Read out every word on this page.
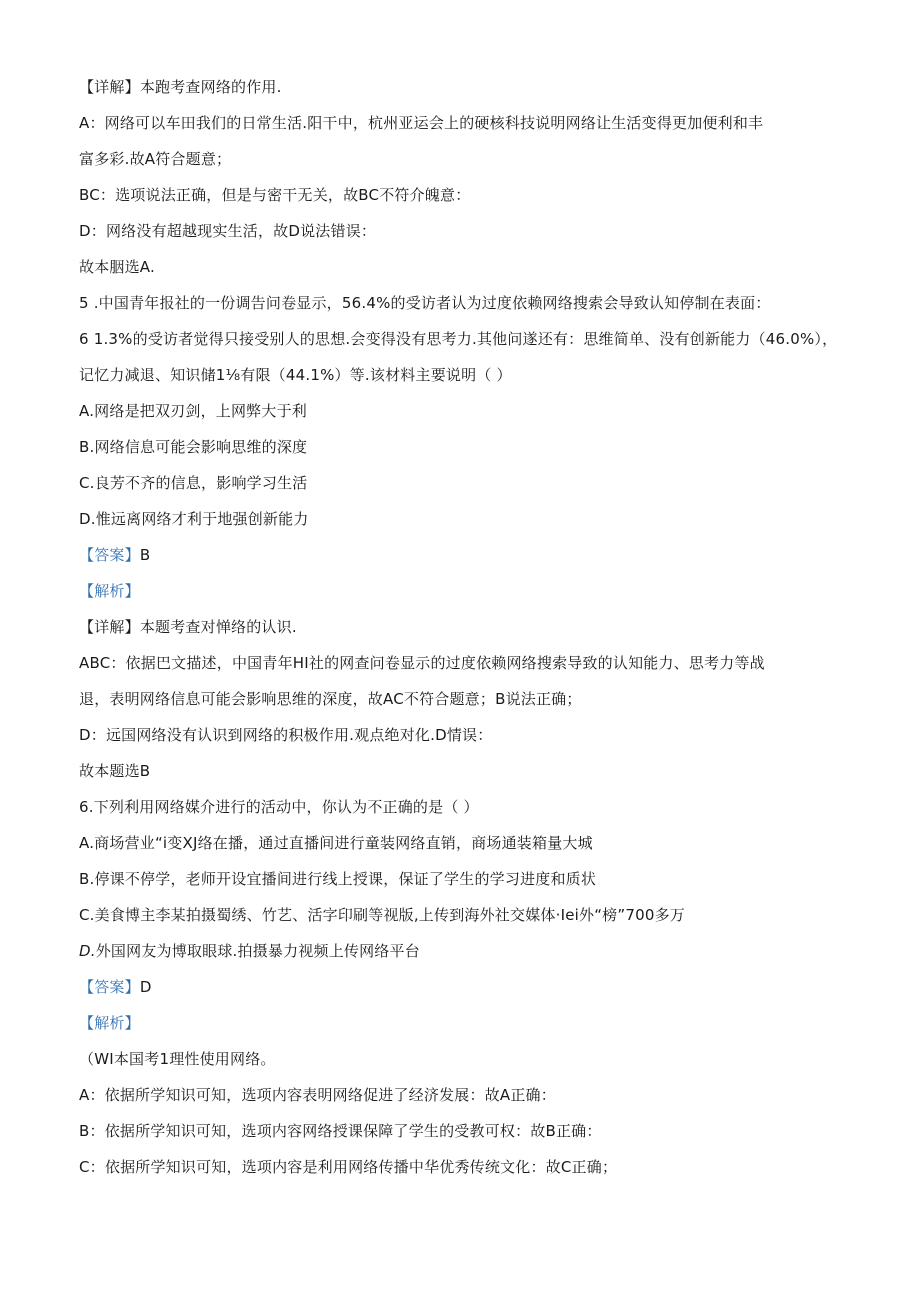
【详解】本跑考查网络的作用.
A：网络可以车田我们的日常生活.阳干中，杭州亚运会上的硬核科技说明网络让生活变得更加便利和丰
富多彩.故A符合题意；
BC：选项说法正确，但是与密干无关，故BC不符介魄意：
D：网络没有超越现实生活，故D说法错误：
故本胭选A.
5 .中国青年报社的一份调告问卷显示，56.4%的受访者认为过度依赖网络搜索会导致认知停制在表面：
6 1.3%的受访者觉得只接受别人的思想.会变得没有思考力.其他问遂还有：思维简单、没有创新能力（46.0%），
记忆力减退、知识储1⅛有限（44.1%）等.该材料主要说明（ ）
A.网络是把双刃剑，上网弊大于利
B.网络信息可能会影响思维的深度
C.良芳不齐的信息，影响学习生活
D.惟远离网络才利于地强创新能力
【答案】B
【解析】
【详解】本题考查对惮络的认识.
ABC：依据巴文描述，中国青年HI社的网查问卷显示的过度依赖网络搜索导致的认知能力、思考力等战
退，表明网络信息可能会影响思维的深度，故AC不符合题意；B说法正确；
D：远国网络没有认识到网络的积极作用.观点绝对化.D情误：
故本题选B
6.下列利用网络媒介进行的活动中，你认为不正确的是（ ）
A.商场营业“i变XJ络在播，通过直播间进行童装网络直销，商场通装箱量大城
B.停课不停学，老师开设宜播间进行线上授课，保证了学生的学习进度和质状
C.美食博主李某拍摄蜀绣、竹艺、活字印刷等视版,上传到海外社交媒体·Iei外“榜”700多万
D.外国网友为博取眼球.拍摄暴力视频上传网络平台
【答案】D
【解析】
（WI本国考1理性使用网络。
A：依据所学知识可知，选项内容表明网络促进了经济发展：故A正确：
B：依据所学知识可知，选项内容网络授课保障了学生的受教可权：故B正确：
C：依据所学知识可知，选项内容是利用网络传播中华优秀传统文化：故C正确；
